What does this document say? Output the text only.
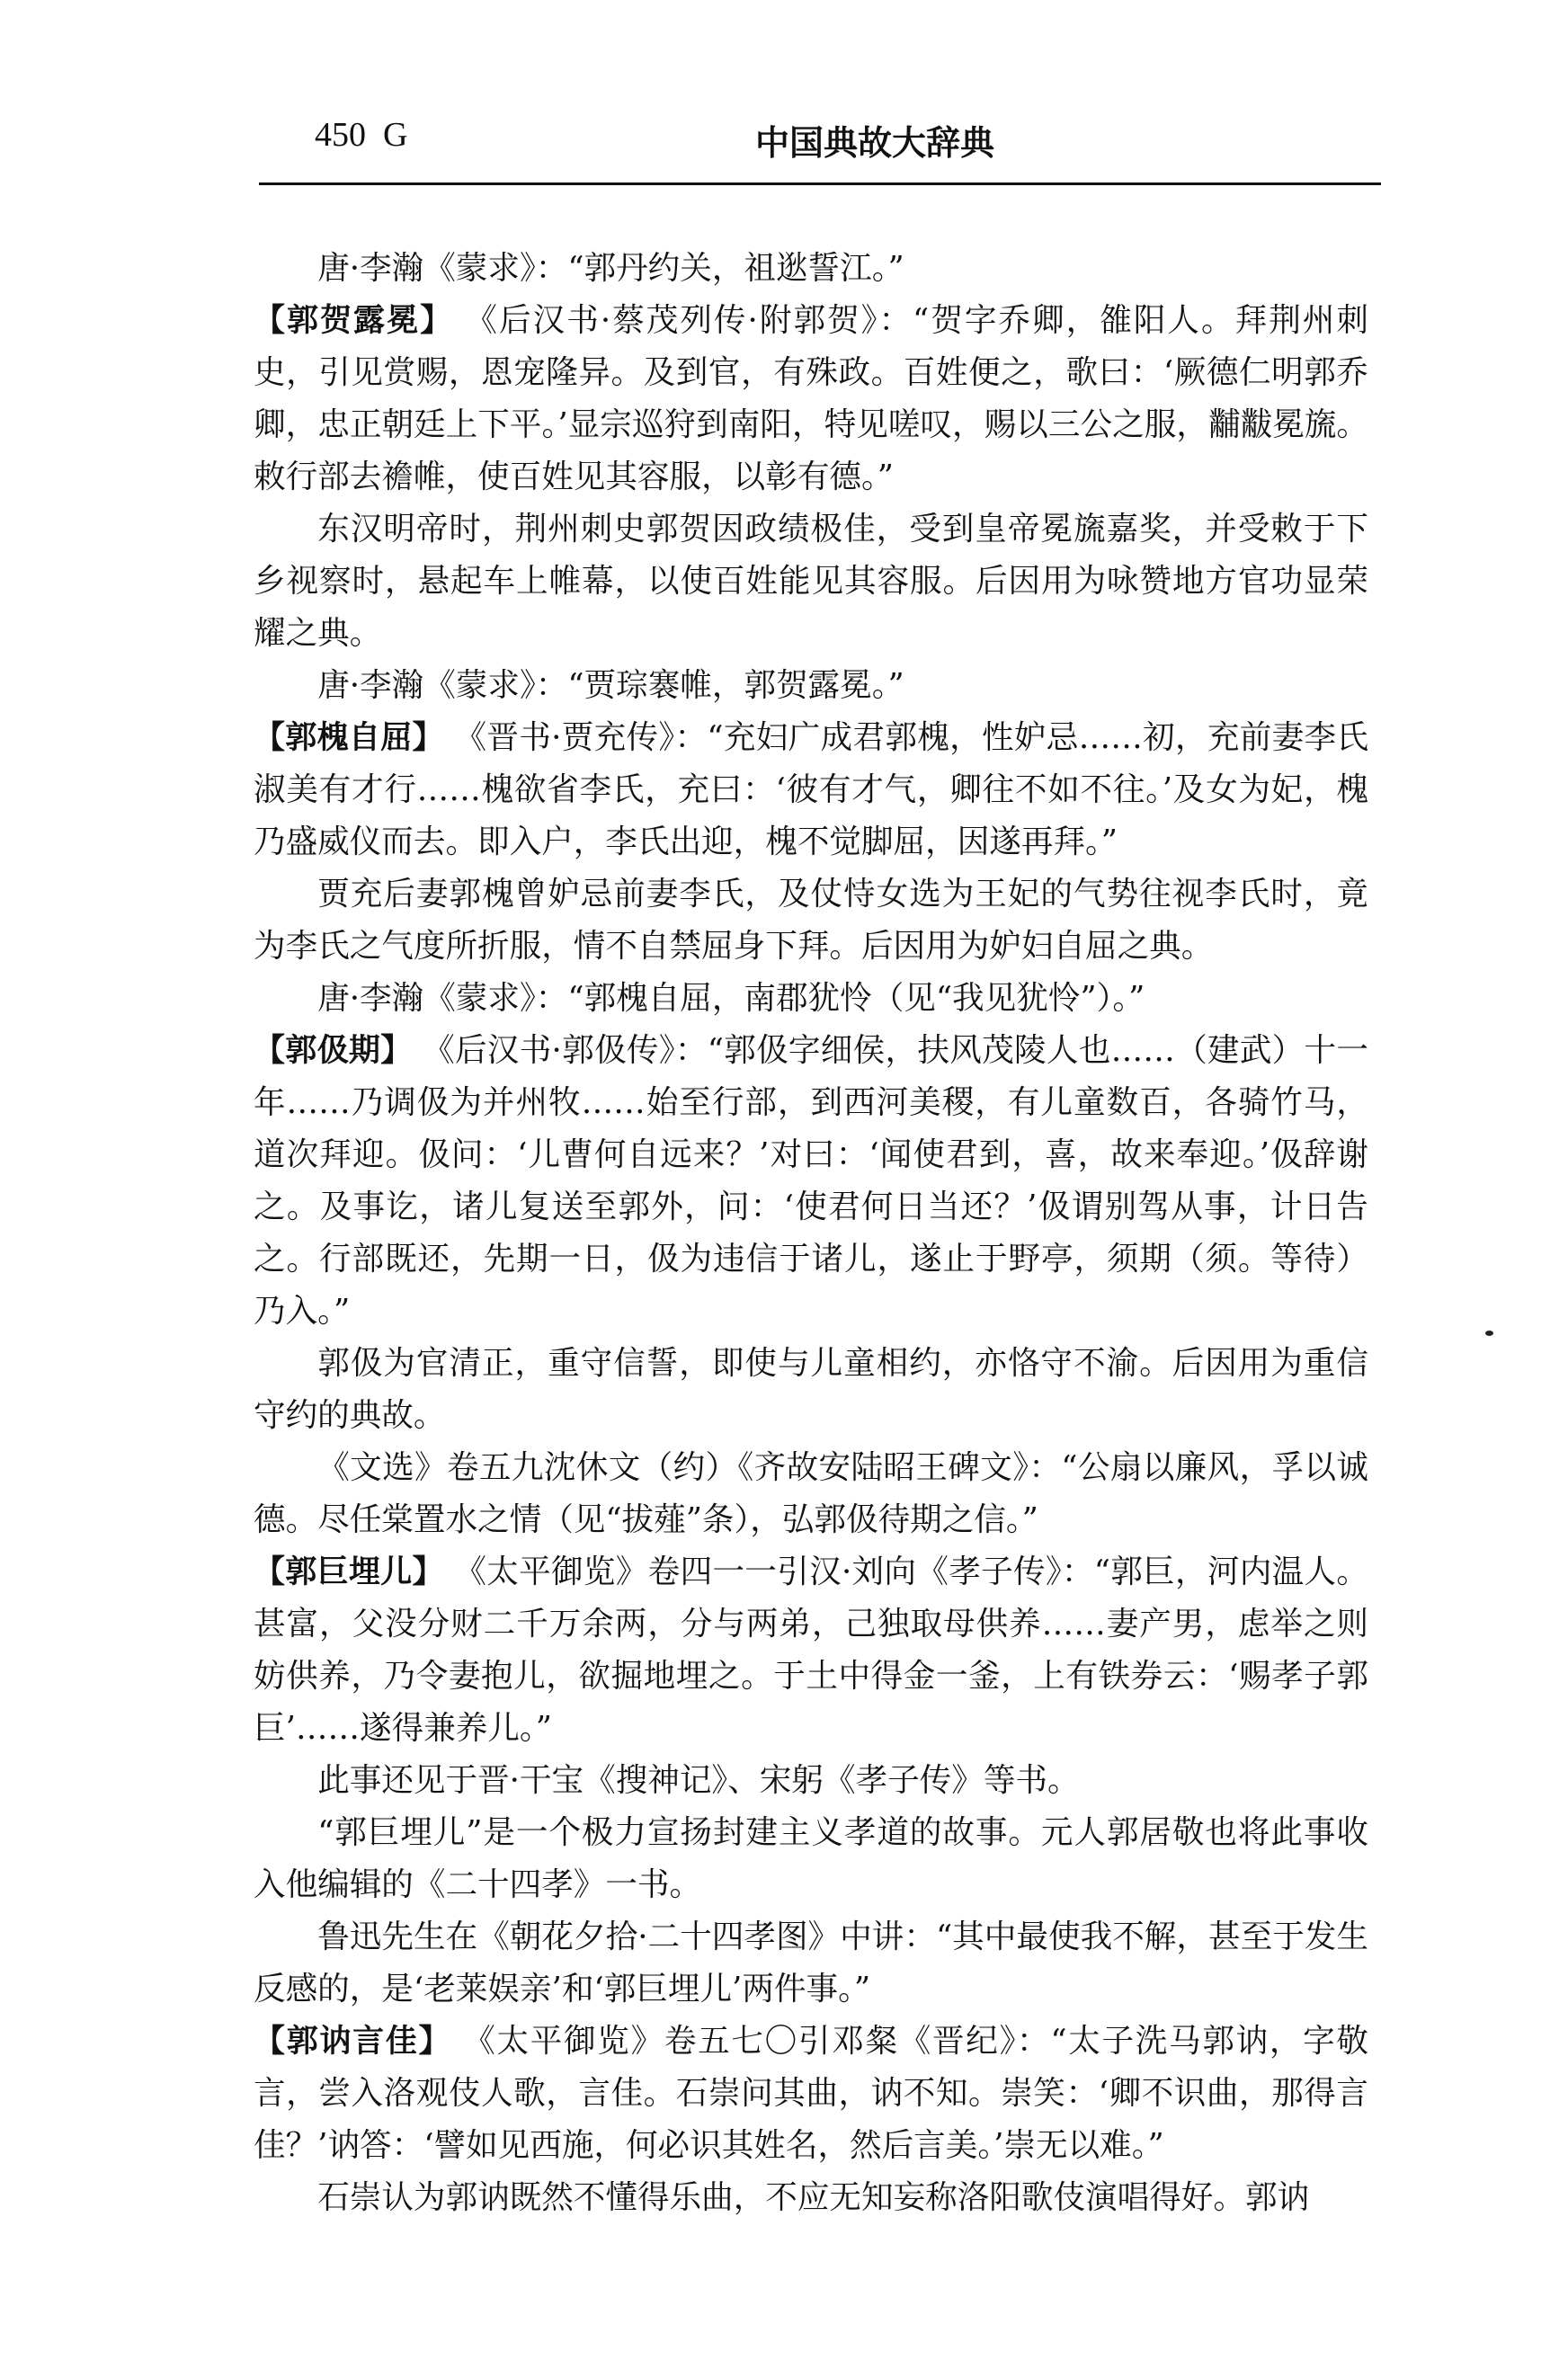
450 G	中国典故大辞典

唐·李瀚《蒙求》：“郭丹约关，祖逖誓江。”

【郭贺露冕】 《后汉书·蔡茂列传·附郭贺》：“贺字乔卿，雒阳人。拜荆州刺史，引见赏赐，恩宠隆异。及到官，有殊政。百姓便之，歌曰：‘厥德仁明郭乔卿，忠正朝廷上下平。’显宗巡狩到南阳，特见嗟叹，赐以三公之服，黼黻冕旒。敕行部去襜帷，使百姓见其容服，以彰有德。”

东汉明帝时，荆州刺史郭贺因政绩极佳，受到皇帝冕旒嘉奖，并受敕于下乡视察时，悬起车上帷幕，以使百姓能见其容服。后因用为咏赞地方官功显荣耀之典。

唐·李瀚《蒙求》：“贾琮褰帷，郭贺露冕。”

【郭槐自屈】 《晋书·贾充传》：“充妇广成君郭槐，性妒忌……初，充前妻李氏淑美有才行……槐欲省李氏，充曰：‘彼有才气，卿往不如不往。’及女为妃，槐乃盛威仪而去。即入户，李氏出迎，槐不觉脚屈，因遂再拜。”

贾充后妻郭槐曾妒忌前妻李氏，及仗恃女选为王妃的气势往视李氏时，竟为李氏之气度所折服，情不自禁屈身下拜。后因用为妒妇自屈之典。

唐·李瀚《蒙求》：“郭槐自屈，南郡犹怜（见“我见犹怜”）。”

【郭伋期】 《后汉书·郭伋传》：“郭伋字细侯，扶风茂陵人也……（建武）十一年……乃调伋为并州牧……始至行部，到西河美稷，有儿童数百，各骑竹马，道次拜迎。伋问：‘儿曹何自远来？’对曰：‘闻使君到，喜，故来奉迎。’伋辞谢之。及事讫，诸儿复送至郭外，问：‘使君何日当还？’伋谓别驾从事，计日告之。行部既还，先期一日，伋为违信于诸儿，遂止于野亭，须期（须。等待）乃入。”

郭伋为官清正，重守信誓，即使与儿童相约，亦恪守不渝。后因用为重信守约的典故。

《文选》卷五九沈休文（约）《齐故安陆昭王碑文》：“公扇以廉风，孚以诚德。尽任棠置水之情（见“拔薤”条），弘郭伋待期之信。”

【郭巨埋儿】 《太平御览》卷四一一引汉·刘向《孝子传》：“郭巨，河内温人。甚富，父没分财二千万余两，分与两弟，己独取母供养……妻产男，虑举之则妨供养，乃令妻抱儿，欲掘地埋之。于土中得金一釜，上有铁券云：‘赐孝子郭巨’……遂得兼养儿。”

此事还见于晋·干宝《搜神记》、宋躬《孝子传》等书。

“郭巨埋儿”是一个极力宣扬封建主义孝道的故事。元人郭居敬也将此事收入他编辑的《二十四孝》一书。

鲁迅先生在《朝花夕拾·二十四孝图》中讲：“其中最使我不解，甚至于发生反感的，是‘老莱娱亲’和‘郭巨埋儿’两件事。”

【郭讷言佳】 《太平御览》卷五七〇引邓粲《晋纪》：“太子洗马郭讷，字敬言，尝入洛观伎人歌，言佳。石崇问其曲，讷不知。崇笑：‘卿不识曲，那得言佳？’讷答：‘譬如见西施，何必识其姓名，然后言美。’崇无以难。”

石崇认为郭讷既然不懂得乐曲，不应无知妄称洛阳歌伎演唱得好。郭讷
